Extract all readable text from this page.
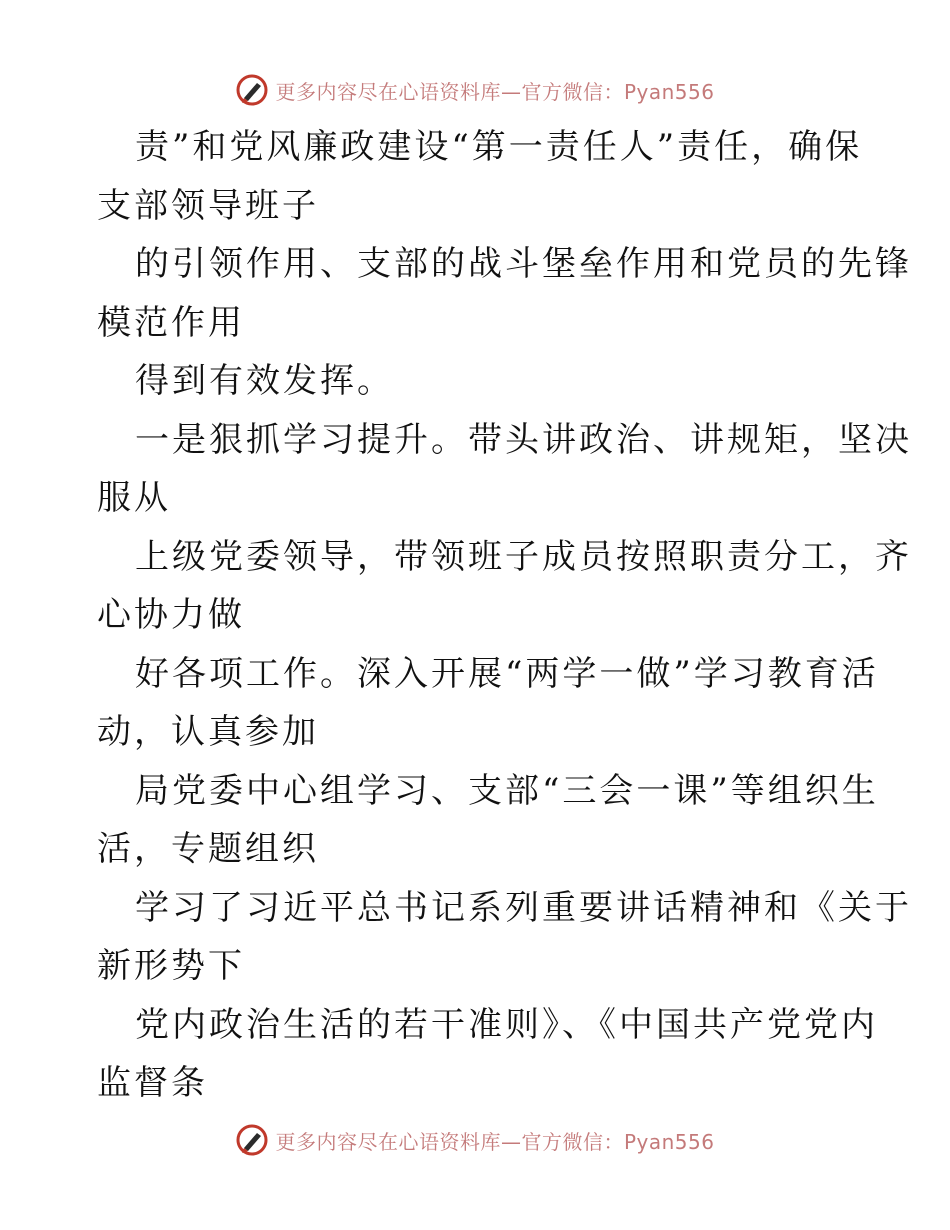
更多内容尽在心语资料库—官方微信：Pyan556

责”和党风廉政建设“第一责任人”责任，确保
支部领导班子

的引领作用、支部的战斗堡垒作用和党员的先锋
模范作用

得到有效发挥。

一是狠抓学习提升。带头讲政治、讲规矩，坚决
服从

上级党委领导，带领班子成员按照职责分工，齐
心协力做

好各项工作。深入开展“两学一做”学习教育活
动，认真参加

局党委中心组学习、支部“三会一课”等组织生
活，专题组织

学习了习近平总书记系列重要讲话精神和《关于
新形势下

党内政治生活的若干准则》、《中国共产党党内
监督条

更多内容尽在心语资料库—官方微信：Pyan556
